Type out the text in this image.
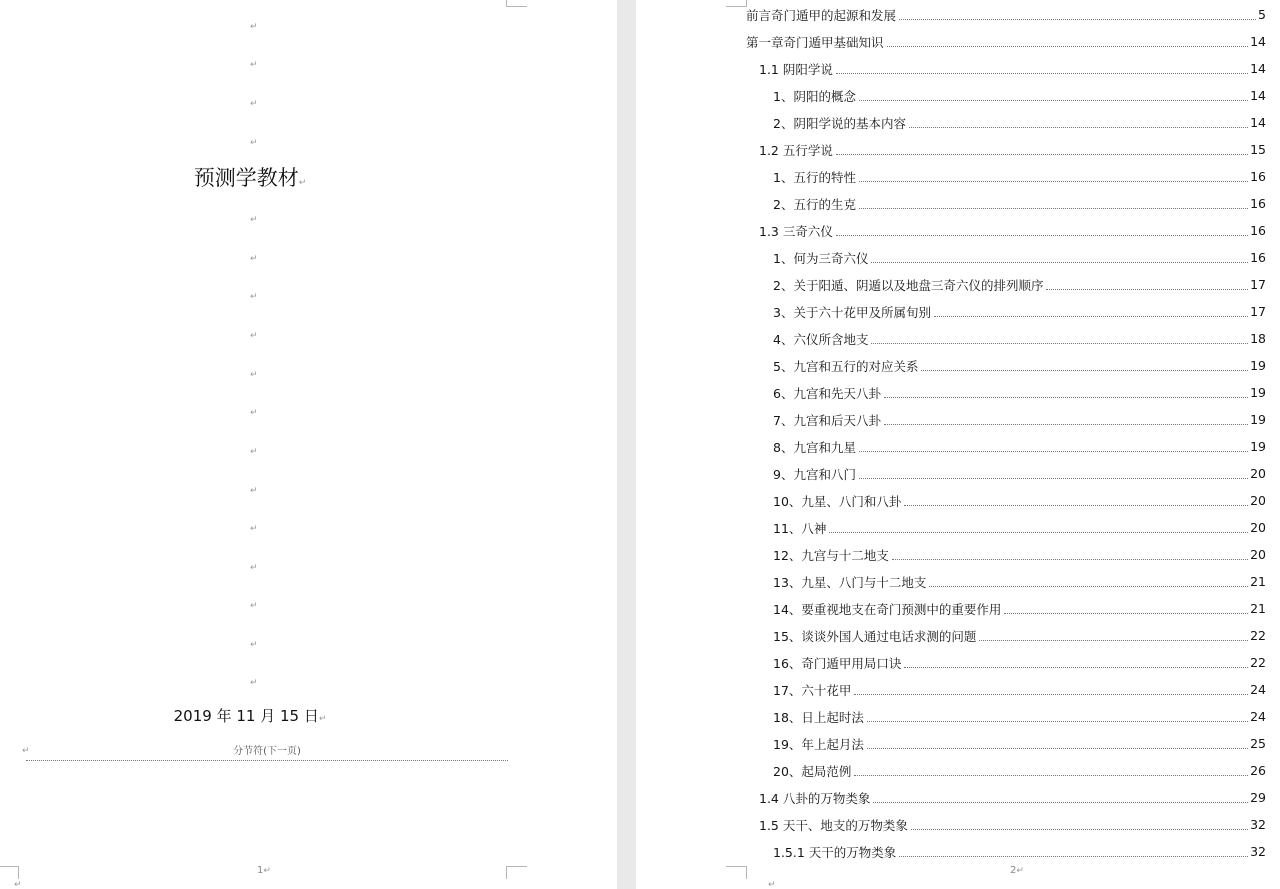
↵
↵
↵
↵
↵
↵
↵
↵
↵
↵
↵
↵
↵
↵
↵
↵
↵
预测学教材↵
2019 年 11 月 15 日↵
分节符(下一页)
↵
1↵
↵
前言奇门遁甲的起源和发展	5
第一章奇门遁甲基础知识	14
1.1 阴阳学说	14
1、阴阳的概念	14
2、阴阳学说的基本内容	14
1.2 五行学说	15
1、五行的特性	16
2、五行的生克	16
1.3 三奇六仪	16
1、何为三奇六仪	16
2、关于阳遁、阴遁以及地盘三奇六仪的排列顺序	17
3、关于六十花甲及所属旬别	17
4、六仪所含地支	18
5、九宫和五行的对应关系	19
6、九宫和先天八卦	19
7、九宫和后天八卦	19
8、九宫和九星	19
9、九宫和八门	20
10、九星、八门和八卦	20
11、八神	20
12、九宫与十二地支	20
13、九星、八门与十二地支	21
14、要重视地支在奇门预测中的重要作用	21
15、谈谈外国人通过电话求测的问题	22
16、奇门遁甲用局口诀	22
17、六十花甲	24
18、日上起时法	24
19、年上起月法	25
20、起局范例	26
1.4 八卦的万物类象	29
1.5 天干、地支的万物类象	32
1.5.1 天干的万物类象	32
2↵
↵
